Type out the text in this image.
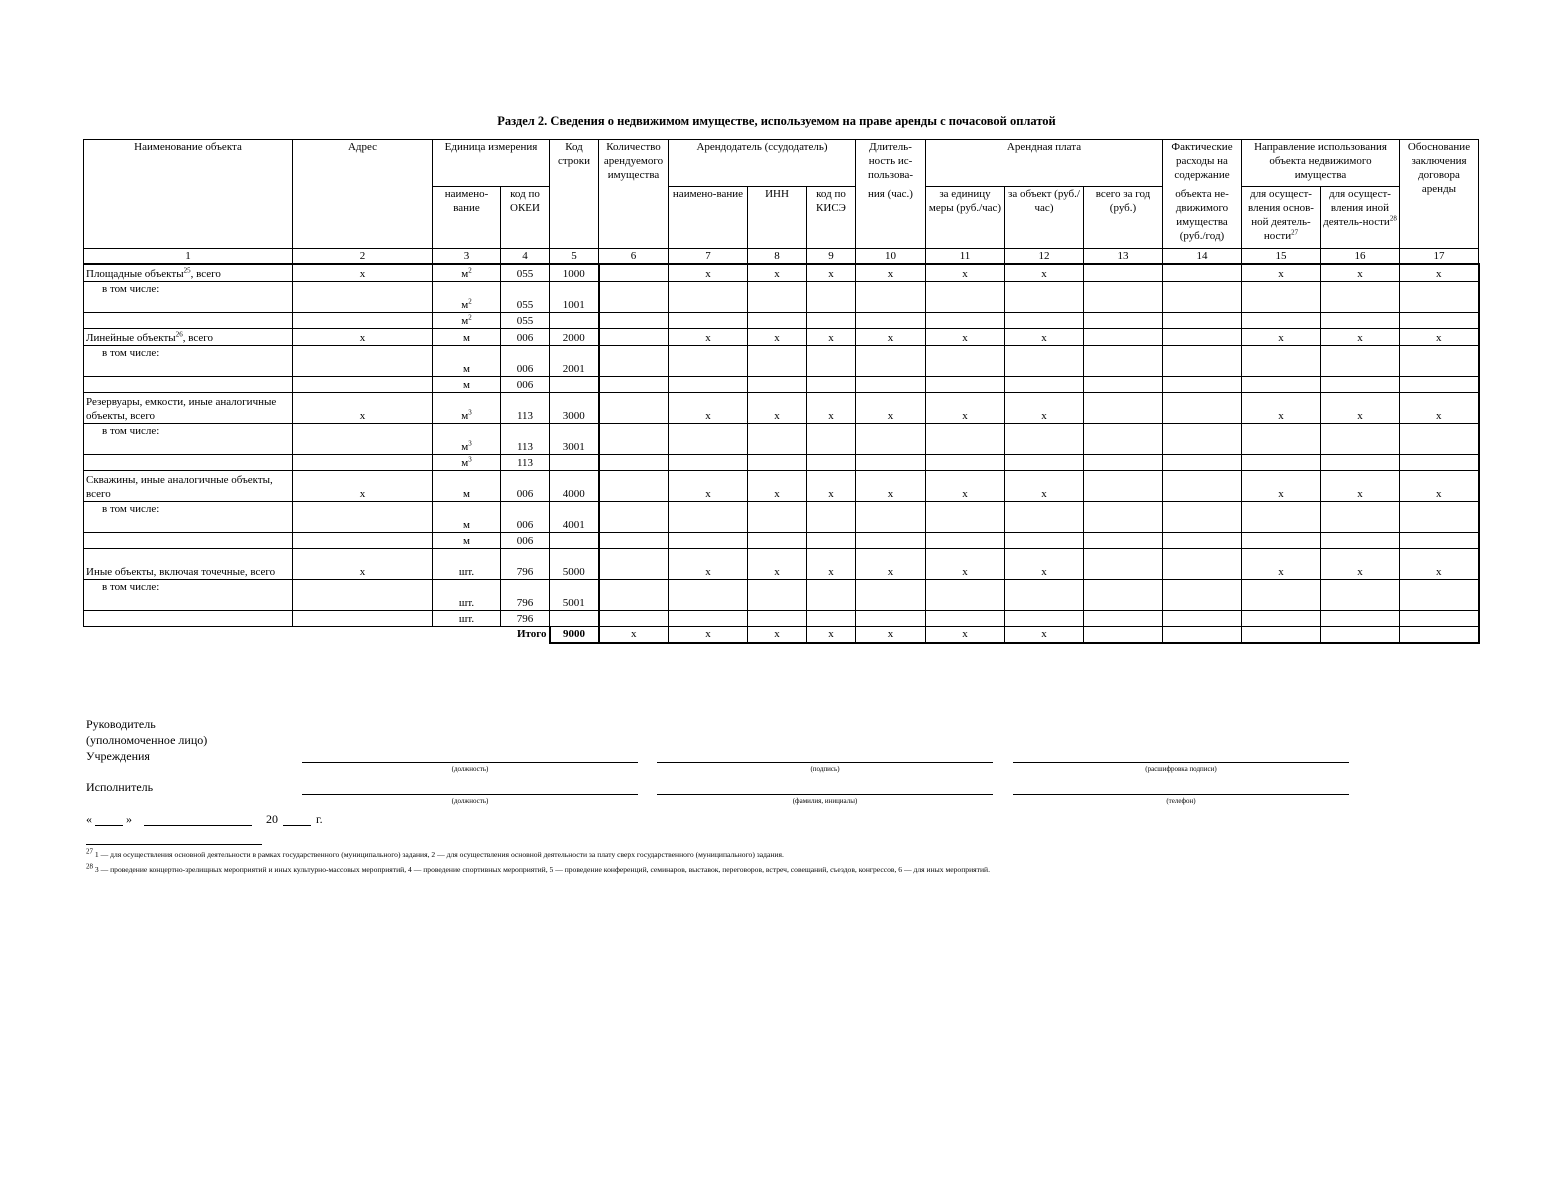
Раздел 2. Сведения о недвижимом имуществе, используемом на праве аренды с почасовой оплатой
Наименование объекта	Адрес	Единица измерения		Код строки	Количество арендуемого имущества	Арендодатель (ссудодатель)			Длитель-ность ис-пользова-	Арендная плата			Фактические расходы на содержание	Направление использования объекта недвижимого имущества		Обоснование заключения договора аренды
		наимено-вание	код по ОКЕИ			наимено-вание	ИНН	код по КИСЭ	ния (час.)	за единицу меры (руб./час)	за объект (руб./час)	всего за год (руб.)	объекта не-движимого имущества (руб./год)	для осущест-вления основ-ной деятель-ности$^{27}$	для осущест-вления иной деятель-ности$^{28}$
1	2	3	4	5	6	7	8	9	10	11	12	13	14	15	16	17
Площадные объекты$^{25}$, всего	х	$м^2$	055	1000		х	х	х	х	х	х			х	х	х
в том числе:		$м^2$	055	1001												
		$м^2$	055													
Линейные объекты$^{26}$, всего	х	м	006	2000		х	х	х	х	х	х			х	х	х
в том числе:		м	006	2001												
		м	006													
Резервуары, емкости, иные аналогичные объекты, всего	х	$м^3$	113	3000		х	х	х	х	х	х			х	х	х
в том числе:		$м^3$	113	3001												
		$м^3$	113													
Скважины, иные аналогичные объекты, всего	х	м	006	4000		х	х	х	х	х	х			х	х	х
в том числе:		м	006	4001												
		м	006													
Иные объекты, включая точечные, всего	х	шт.	796	5000		х	х	х	х	х	х			х	х	х
в том числе:		шт.	796	5001												
		шт.	796													
Итого				9000	х	х	х	х	х	х	х					
Руководитель
(уполномоченное лицо)
Учреждения
(должность)	(подпись)	(расшифровка подписи)
Исполнитель
(должность)	(фамилия, инициалы)	(телефон)
«	»	20	г.
$^{27}$ 1 — для осуществления основной деятельности в рамках государственного (муниципального) задания, 2 — для осуществления основной деятельности за плату сверх государственного (муниципального) задания.
$^{28}$ 3 — проведение концертно-зрелищных мероприятий и иных культурно-массовых мероприятий, 4 — проведение спортивных мероприятий, 5 — проведение конференций, семинаров, выставок, переговоров, встреч, совещаний, съездов, конгрессов, 6 — для иных мероприятий.
